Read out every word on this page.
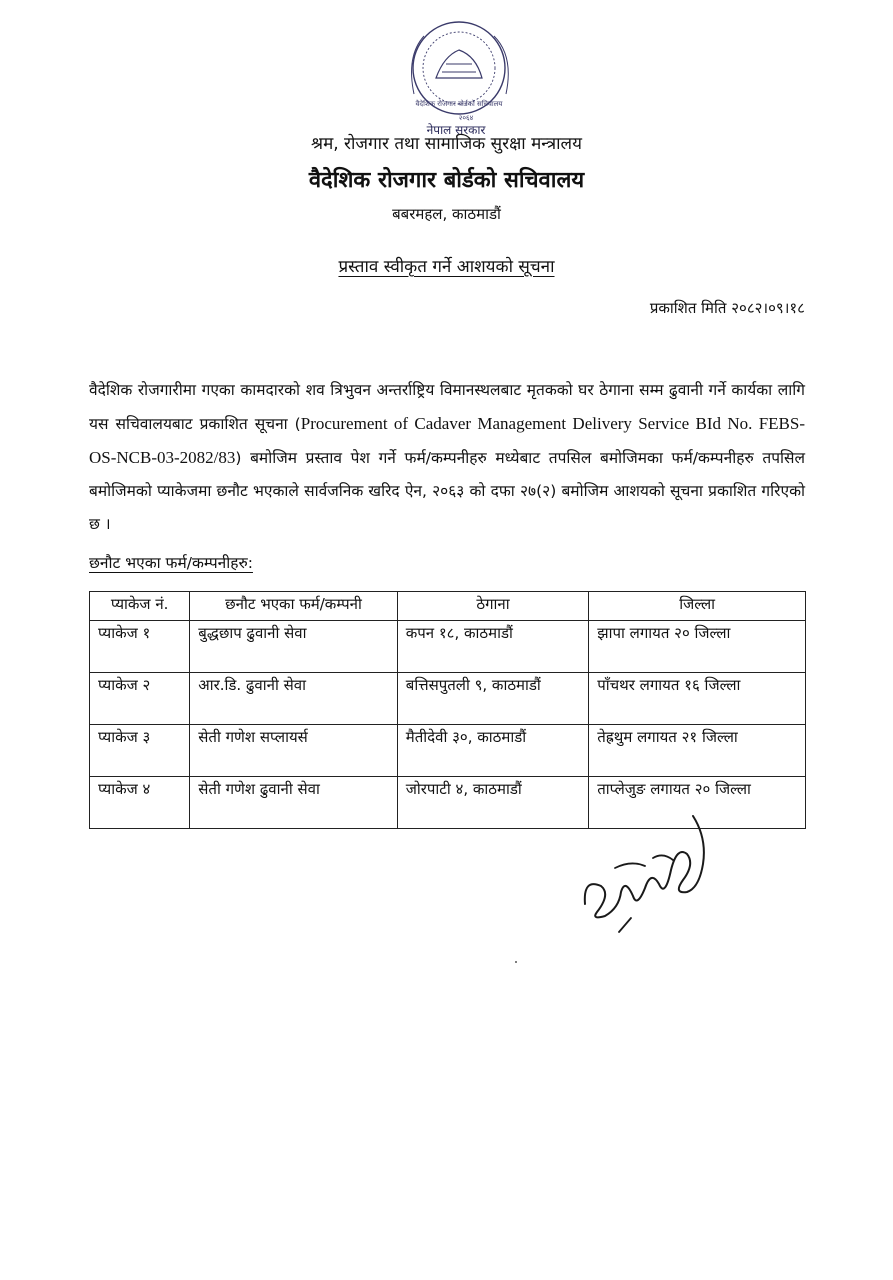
वैदेशिक रोजगार बोर्डको सचिवालय
२०६४
नेपाल सरकार
श्रम, रोजगार तथा सामाजिक सुरक्षा मन्त्रालय
वैदेशिक रोजगार बोर्डको सचिवालय
बबरमहल, काठमाडौं
प्रस्ताव स्वीकृत गर्ने आशयको सूचना
प्रकाशित मिति २०८२।०९।१८
वैदेशिक रोजगारीमा गएका कामदारको शव त्रिभुवन अन्तर्राष्ट्रिय विमानस्थलबाट मृतकको घर ठेगाना सम्म ढुवानी गर्ने कार्यका लागि यस सचिवालयबाट प्रकाशित सूचना (Procurement of Cadaver Management Delivery Service BId No. FEBS-OS-NCB-03-2082/83) बमोजिम प्रस्ताव पेश गर्ने फर्म/कम्पनीहरु मध्येबाट तपसिल बमोजिमका फर्म/कम्पनीहरु तपसिल बमोजिमको प्याकेजमा छनौट भएकाले सार्वजनिक खरिद ऐन, २०६३ को दफा २७(२) बमोजिम आशयको सूचना प्रकाशित गरिएको छ ।
छनौट भएका फर्म/कम्पनीहरु:
प्याकेज नं.	छनौट भएका फर्म/कम्पनी	ठेगाना	जिल्ला
प्याकेज १	बुद्धछाप ढुवानी सेवा	कपन १८, काठमाडौं	झापा लगायत २० जिल्ला
प्याकेज २	आर.डि. ढुवानी सेवा	बत्तिसपुतली ९, काठमाडौं	पाँचथर लगायत १६ जिल्ला
प्याकेज ३	सेती गणेश सप्लायर्स	मैतीदेवी ३०, काठमाडौं	तेह्रथुम लगायत २१ जिल्ला
प्याकेज ४	सेती गणेश ढुवानी सेवा	जोरपाटी ४, काठमाडौं	ताप्लेजुङ लगायत २० जिल्ला
